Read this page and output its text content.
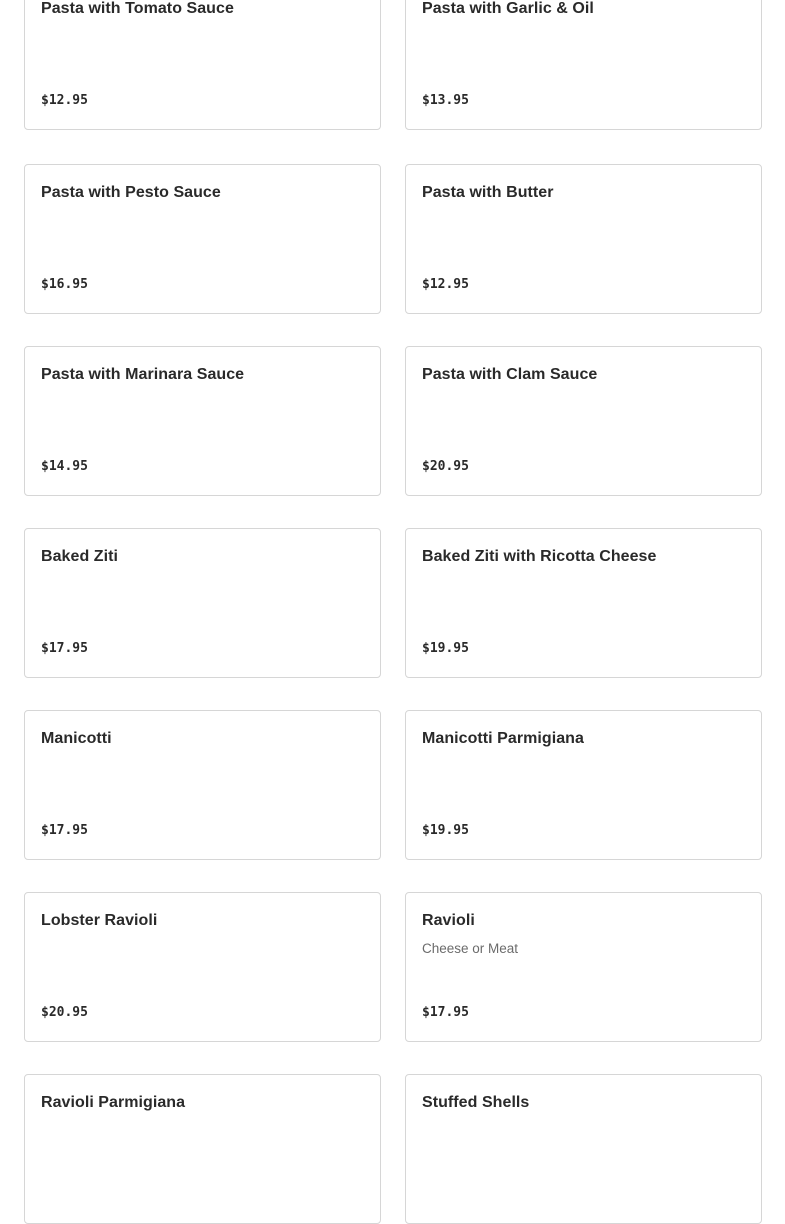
Pasta with Tomato Sauce
$12.95
Pasta with Garlic & Oil
$13.95
Pasta with Pesto Sauce
$16.95
Pasta with Butter
$12.95
Pasta with Marinara Sauce
$14.95
Pasta with Clam Sauce
$20.95
Baked Ziti
$17.95
Baked Ziti with Ricotta Cheese
$19.95
Manicotti
$17.95
Manicotti Parmigiana
$19.95
Lobster Ravioli
$20.95
Ravioli
Cheese or Meat
$17.95
Ravioli Parmigiana	Stuffed Shells
